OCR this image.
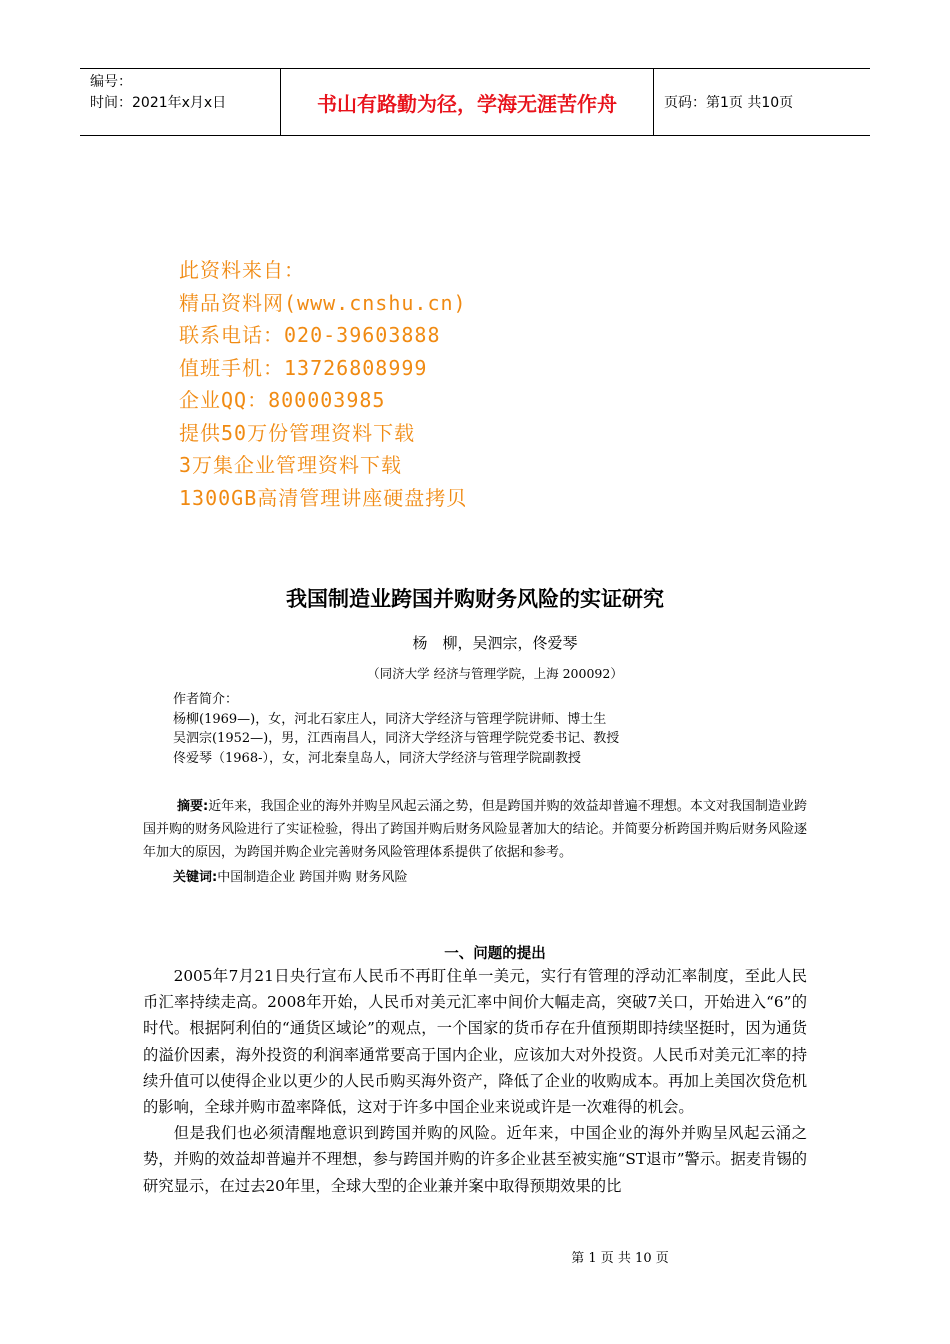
编号：
时间：2021年x月x日	书山有路勤为径，学海无涯苦作舟	页码：第1页 共10页
此资料来自：
精品资料网(www.cnshu.cn)
联系电话：020-39603888
值班手机：13726808999
企业QQ：800003985
提供50万份管理资料下载
3万集企业管理资料下载
1300GB高清管理讲座硬盘拷贝
我国制造业跨国并购财务风险的实证研究
杨　柳，吴泗宗，佟爱琴
（同济大学 经济与管理学院，上海 200092）
作者简介：
杨柳(1969—)，女，河北石家庄人，同济大学经济与管理学院讲师、博士生
吴泗宗(1952—)，男，江西南昌人，同济大学经济与管理学院党委书记、教授
佟爱琴（1968-），女，河北秦皇岛人，同济大学经济与管理学院副教授
摘要:近年来，我国企业的海外并购呈风起云涌之势，但是跨国并购的效益却普遍不理想。本文对我国制造业跨国并购的财务风险进行了实证检验，得出了跨国并购后财务风险显著加大的结论。并简要分析跨国并购后财务风险逐年加大的原因，为跨国并购企业完善财务风险管理体系提供了依据和参考。
关键词:中国制造企业 跨国并购 财务风险
一、问题的提出

2005年7月21日央行宣布人民币不再盯住单一美元，实行有管理的浮动汇率制度，至此人民币汇率持续走高。2008年开始，人民币对美元汇率中间价大幅走高，突破7关口，开始进入“6”的时代。根据阿利伯的“通货区域论”的观点，一个国家的货币存在升值预期即持续坚挺时，因为通货的溢价因素，海外投资的利润率通常要高于国内企业，应该加大对外投资。人民币对美元汇率的持续升值可以使得企业以更少的人民币购买海外资产，降低了企业的收购成本。再加上美国次贷危机的影响，全球并购市盈率降低，这对于许多中国企业来说或许是一次难得的机会。

但是我们也必须清醒地意识到跨国并购的风险。近年来，中国企业的海外并购呈风起云涌之势，并购的效益却普遍并不理想，参与跨国并购的许多企业甚至被实施“ST退市”警示。据麦肯锡的研究显示，在过去20年里，全球大型的企业兼并案中取得预期效果的比

第 1 页 共 10 页
